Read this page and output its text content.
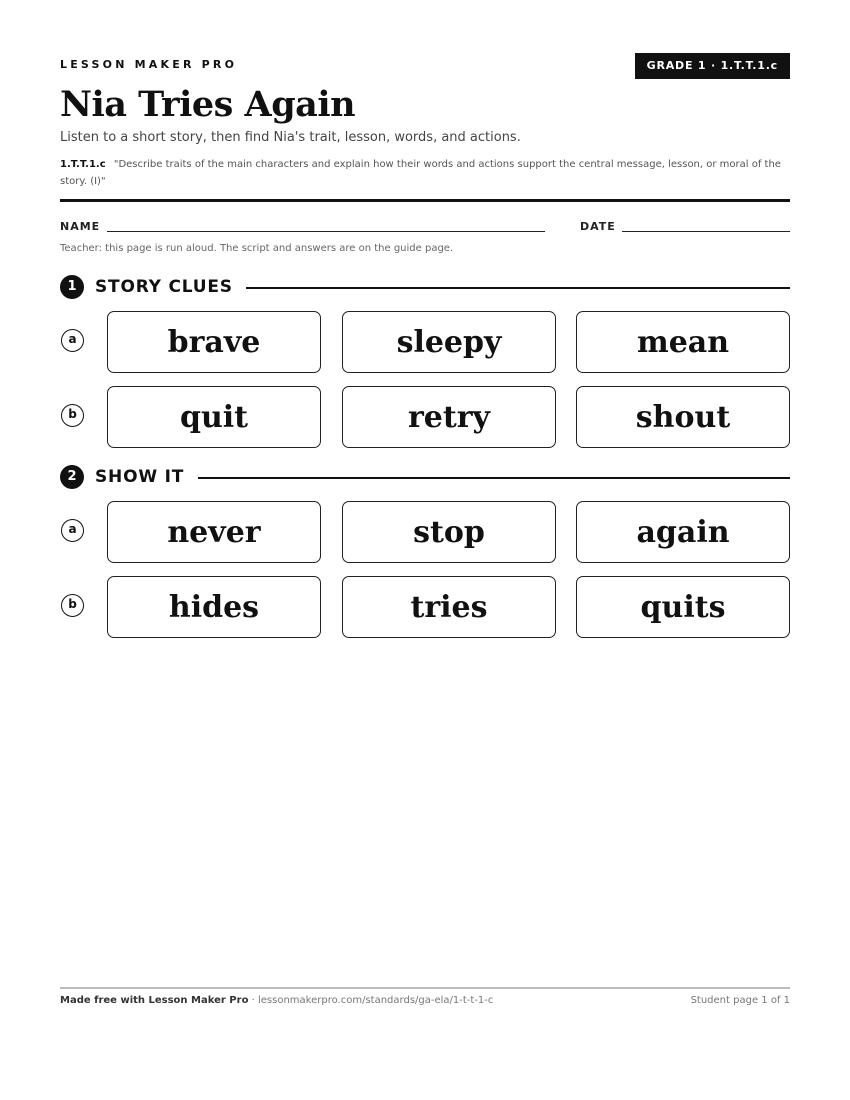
LESSON MAKER PRO	GRADE 1 · 1.T.T.1.c
Nia Tries Again
Listen to a short story, then find Nia's trait, lesson, words, and actions.
1.T.T.1.c "Describe traits of the main characters and explain how their words and actions support the central message, lesson, or moral of the story. (I)"
NAME	DATE
Teacher: this page is run aloud. The script and answers are on the guide page.
1	STORY CLUES
a	brave	sleepy	mean
b	quit	retry	shout
2	SHOW IT
a	never	stop	again
b	hides	tries	quits
Made free with Lesson Maker Pro · lessonmakerpro.com/standards/ga-ela/1-t-t-1-c	Student page 1 of 1
